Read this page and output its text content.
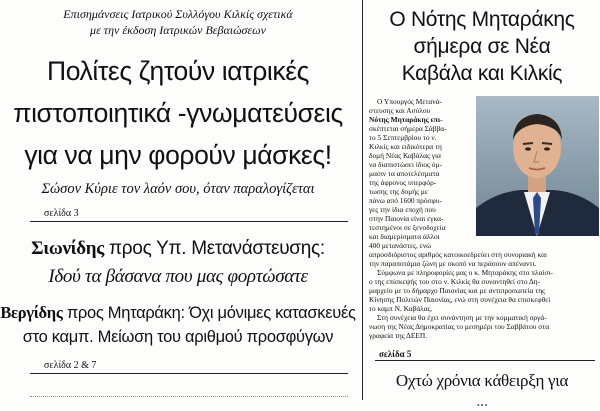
Επισημάνσεις Ιατρικού Συλλόγου Κιλκίς σχετικά
με την έκδοση Ιατρικών Βεβαιώσεων
Πολίτες ζητούν ιατρικές
πιστοποιητικά -γνωματεύσεις
για να μην φορούν μάσκες!
Σώσον Κύριε τον λαόν σου, όταν παραλογίζεται
σελίδα 3
Σιωνίδης προς Υπ. Μετανάστευσης:
Ιδού τα βάσανα που μας φορτώσατε
Βεργίδης προς Μηταράκη: Όχι μόνιμες κατασκευές
στο καμπ. Μείωση του αριθμού προσφύγων
σελίδα 2 & 7
Ο Νότης Μηταράκης
σήμερα σε Νέα
Καβάλα και Κιλκίς
Ο Υπουργός Μετανά-
στευσης και Ασύλου
Νότης Μηταράκης επι-
σκέπτεται σήμερα Σάββα-
το 5 Σεπτεμβρίου το ν.
Κιλκίς και ειδικότερα τη
δομή Νέας Καβάλας για
να διαπιστώσει ίδιος όμ-
μασιν τα αποτελέσματα
της άφρονος υπερφόρ-
τωσης της δομής με
πάνω από 1600 πρόσφυ-
γες την ίδια εποχή που
στην Παιονία είναι εγκα-
τεστημένοι σε ξενοδοχεία
και διαμερίσματα άλλοι
400 μετανάστες, ενώ
απροσδιόριστος αριθμός κατοικοεδρεύει στη συνοριακή και
την παραποτάμια ζώνη με σκοπό να περάσουν απέναντι.
Σύμφωνα με πληροφορίες μας ο κ. Μηταράκης στο πλαίσι-
ο της επίσκεψής του στο ν. Κιλκίς θα συναντηθεί στο Δη-
μαρχείο με το δήμαρχο Παιονίας και με αντιπροσωπεία της
Κίνησης Πολιτών Παιονίας, ενώ στη συνέχεια θα επισκεφθεί
το καμπ Ν. Καβάλας.
Στη συνέχεια θα έχει συνάντηση με την κομματική οργά-
νωση της Νέας Δημοκρατίας το μεσημέρι του Σαββάτου στα
γραφεία της ΔΕΕΠ.
σελίδα 5
Οχτώ χρόνια κάθειρξη για
...
